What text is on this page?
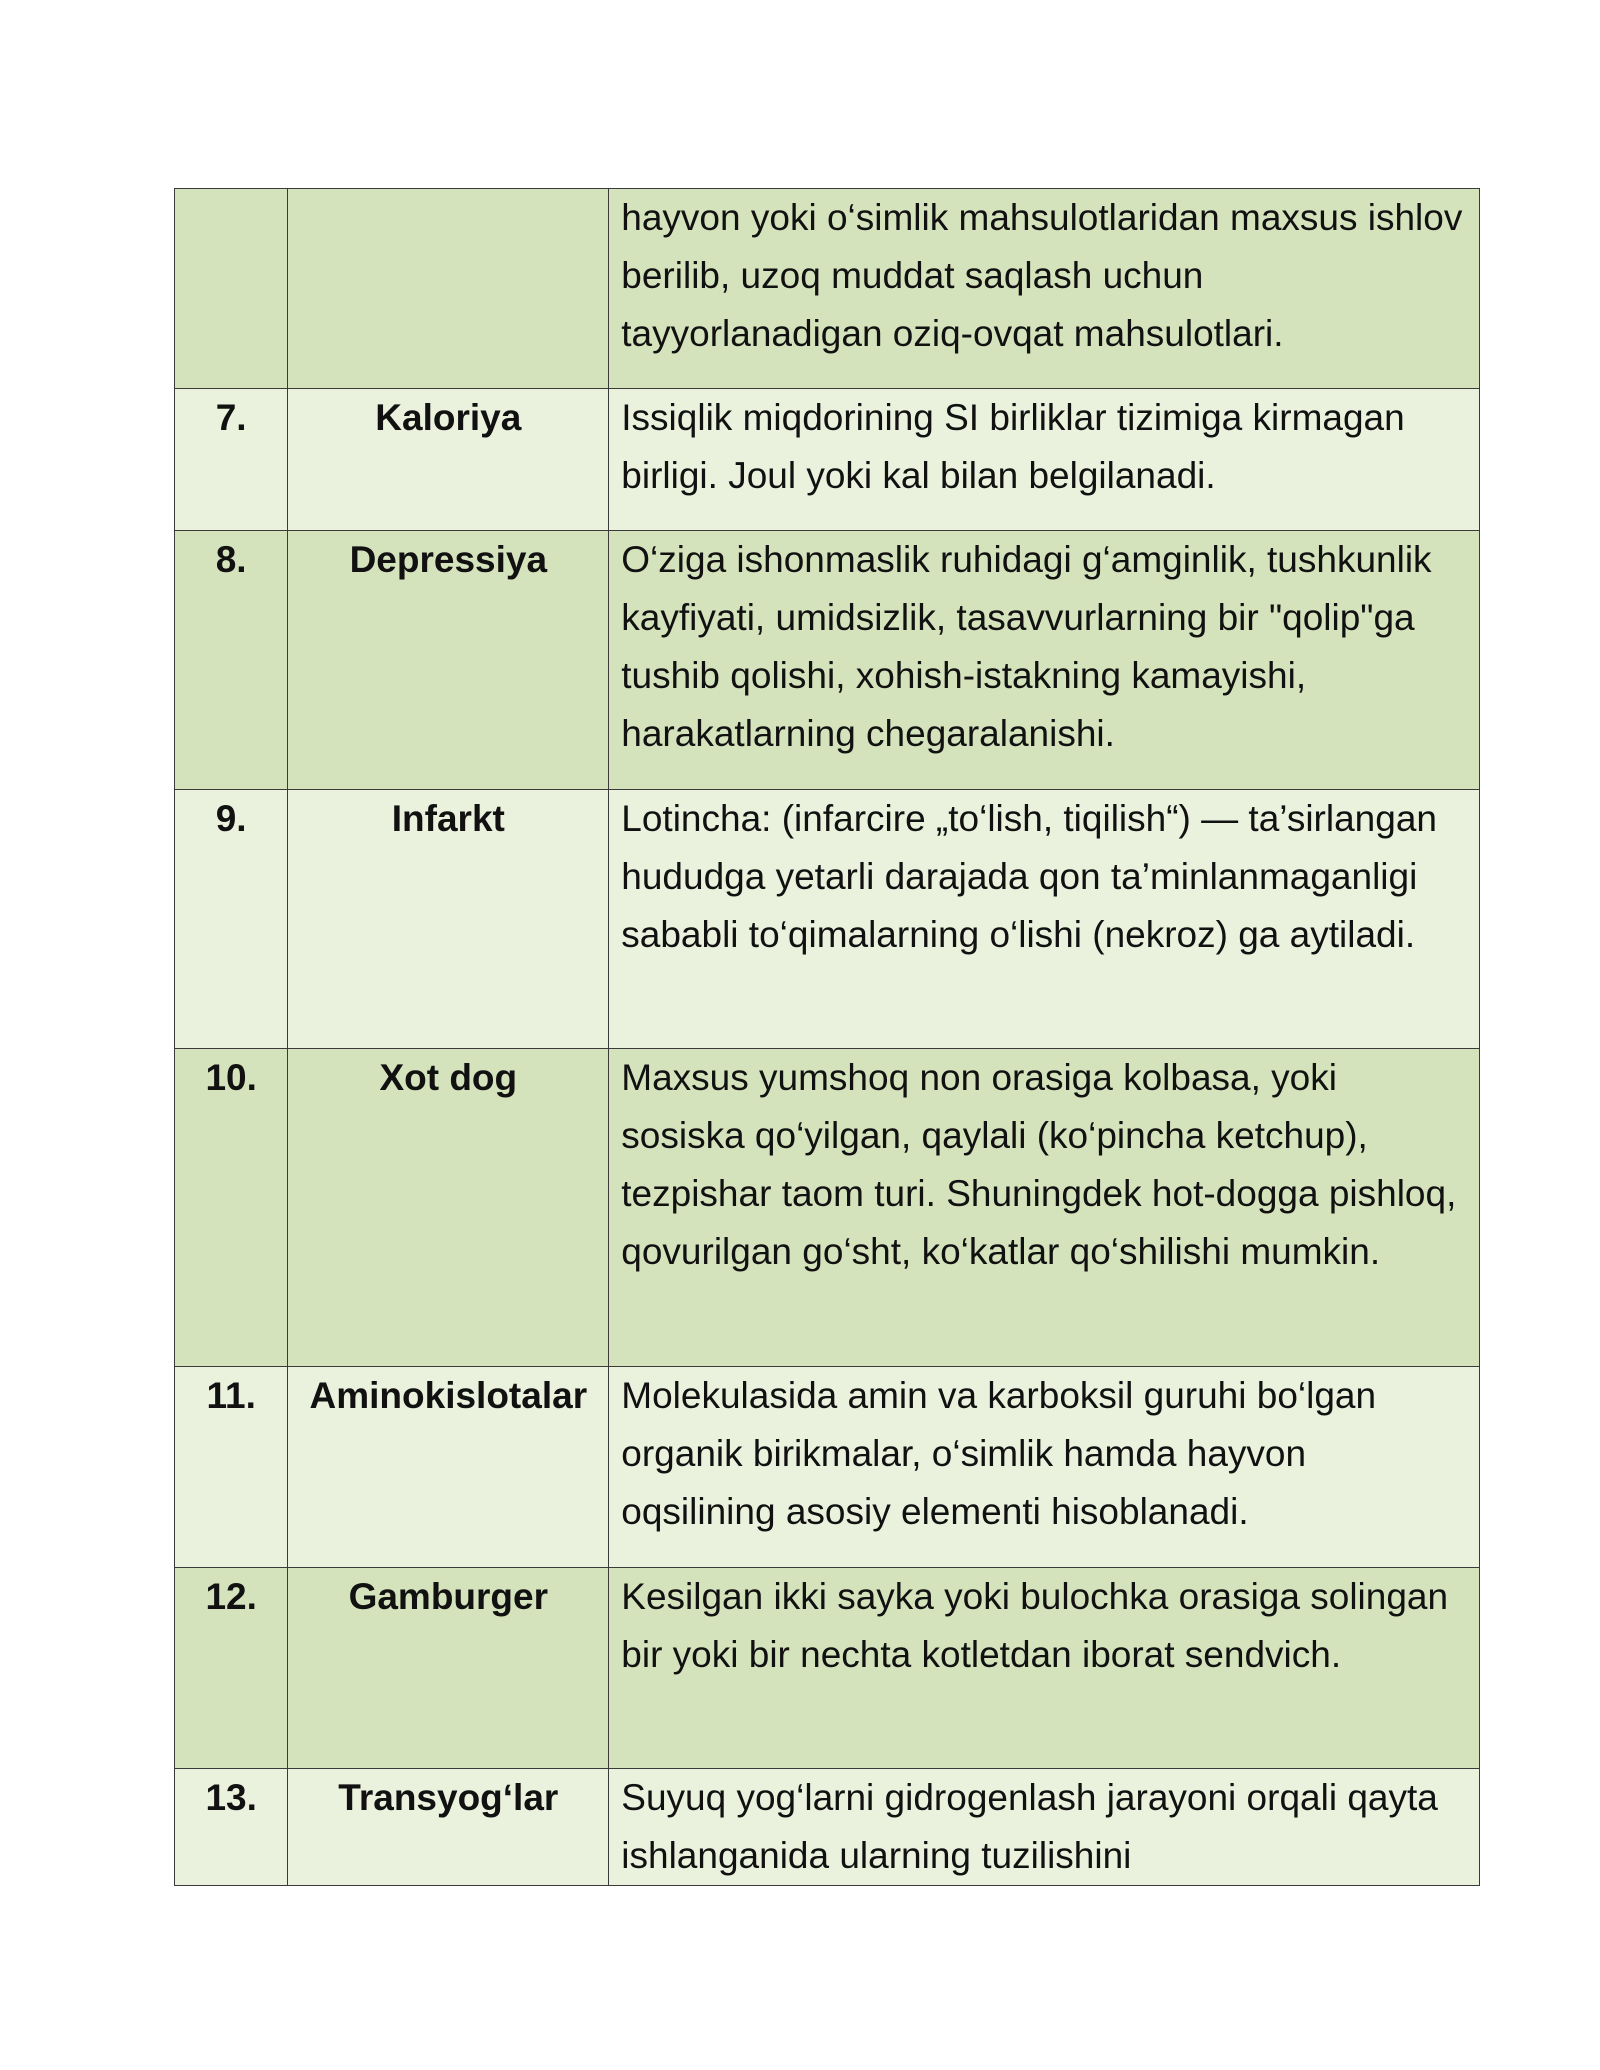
		hayvon yoki o‘simlik mahsulotlaridan maxsus ishlov berilib, uzoq muddat saqlash uchun tayyorlanadigan oziq-ovqat mahsulotlari.
7.	Kaloriya	Issiqlik miqdorining SI birliklar tizimiga kirmagan birligi. Joul yoki kal bilan belgilanadi.
8.	Depressiya	O‘ziga ishonmaslik ruhidagi g‘amginlik, tushkunlik kayfiyati, umidsizlik, tasavvurlarning bir "qolip"ga tushib qolishi, xohish-istakning kamayishi, harakatlarning chegaralanishi.
9.	Infarkt	Lotincha: (infarcire „to‘lish, tiqilish“) — ta’sirlangan hududga yetarli darajada qon ta’minlanmaganligi sababli to‘qimalarning o‘lishi (nekroz) ga aytiladi.
10.	Xot dog	Maxsus yumshoq non orasiga kolbasa, yoki sosiska qo‘yilgan, qaylali (ko‘pincha ketchup), tezpishar taom turi. Shuningdek hot-dogga pishloq, qovurilgan go‘sht, ko‘katlar qo‘shilishi mumkin.
11.	Aminokislotalar	Molekulasida amin va karboksil guruhi bo‘lgan organik birikmalar, o‘simlik hamda hayvon oqsilining asosiy elementi hisoblanadi.
12.	Gamburger	Kesilgan ikki sayka yoki bulochka orasiga solingan bir yoki bir nechta kotletdan iborat sendvich.
13.	Transyog‘lar	Suyuq yog‘larni gidrogenlash jarayoni orqali qayta ishlanganida ularning tuzilishini
